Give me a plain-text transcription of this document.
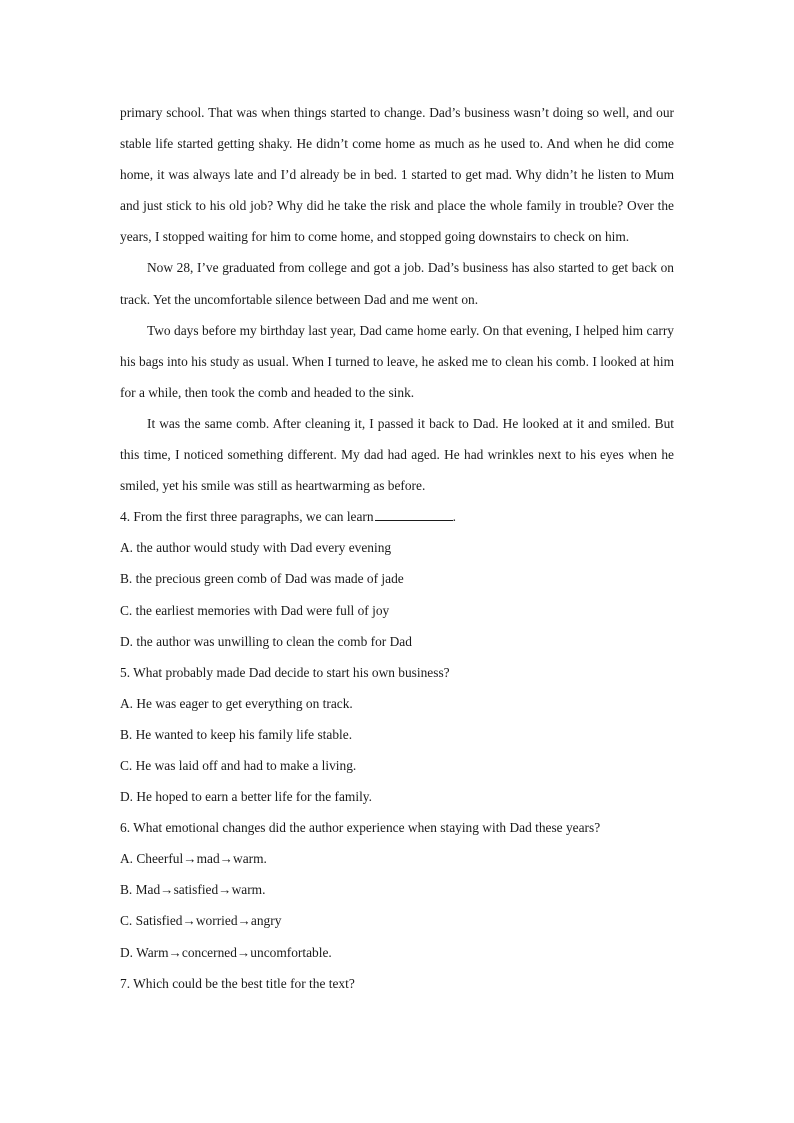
primary school. That was when things started to change. Dad’s business wasn’t doing so well, and our stable life started getting shaky. He didn’t come home as much as he used to. And when he did come home, it was always late and I’d already be in bed. 1 started to get mad. Why didn’t he listen to Mum and just stick to his old job? Why did he take the risk and place the whole family in trouble? Over the years, I stopped waiting for him to come home, and stopped going downstairs to check on him.

Now 28, I’ve graduated from college and got a job. Dad’s business has also started to get back on track. Yet the uncomfortable silence between Dad and me went on.

Two days before my birthday last year, Dad came home early. On that evening, I helped him carry his bags into his study as usual. When I turned to leave, he asked me to clean his comb. I looked at him for a while, then took the comb and headed to the sink.

It was the same comb. After cleaning it, I passed it back to Dad. He looked at it and smiled. But this time, I noticed something different. My dad had aged. He had wrinkles next to his eyes when he smiled, yet his smile was still as heartwarming as before.

4. From the first three paragraphs, we can learn	.

A. the author would study with Dad every evening

B. the precious green comb of Dad was made of jade

C. the earliest memories with Dad were full of joy

D. the author was unwilling to clean the comb for Dad

5. What probably made Dad decide to start his own business?

A. He was eager to get everything on track.

B. He wanted to keep his family life stable.

C. He was laid off and had to make a living.

D. He hoped to earn a better life for the family.

6. What emotional changes did the author experience when staying with Dad these years?

A. Cheerful→mad→warm.

B. Mad→satisfied→warm.

C. Satisfied→worried→angry

D. Warm→concerned→uncomfortable.

7. Which could be the best title for the text?
